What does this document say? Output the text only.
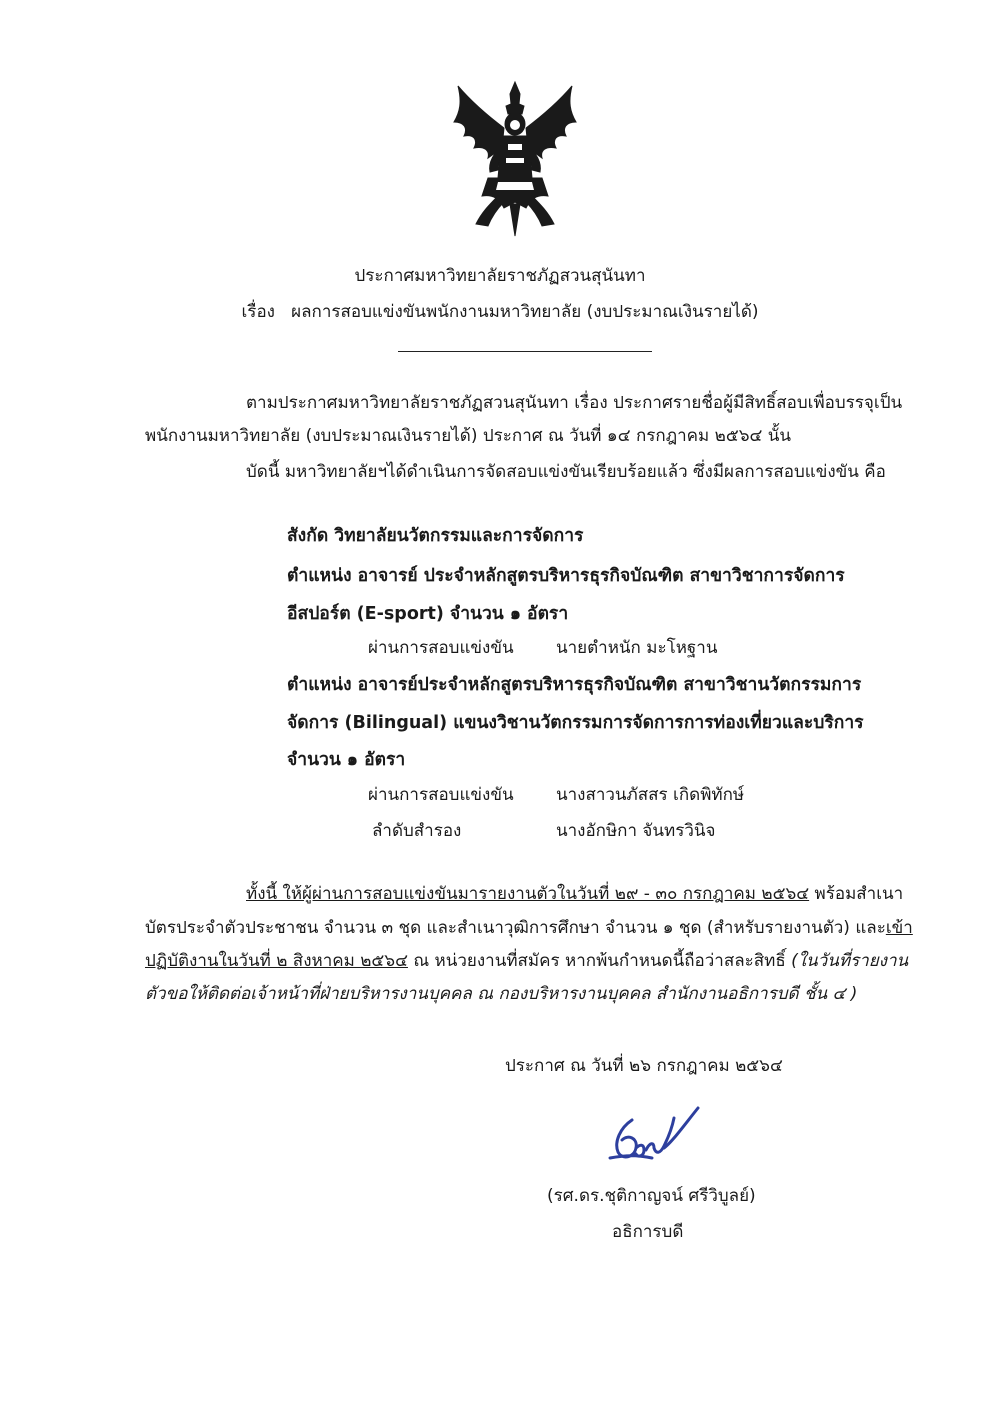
ประกาศมหาวิทยาลัยราชภัฏสวนสุนันทา
เรื่อง ผลการสอบแข่งขันพนักงานมหาวิทยาลัย (งบประมาณเงินรายได้)
ตามประกาศมหาวิทยาลัยราชภัฏสวนสุนันทา เรื่อง ประกาศรายชื่อผู้มีสิทธิ์สอบเพื่อบรรจุเป็น
พนักงานมหาวิทยาลัย (งบประมาณเงินรายได้) ประกาศ ณ วันที่ ๑๔ กรกฎาคม ๒๕๖๔ นั้น
บัดนี้ มหาวิทยาลัยฯได้ดำเนินการจัดสอบแข่งขันเรียบร้อยแล้ว ซึ่งมีผลการสอบแข่งขัน คือ
สังกัด วิทยาลัยนวัตกรรมและการจัดการ
ตำแหน่ง อาจารย์ ประจำหลักสูตรบริหารธุรกิจบัณฑิต สาขาวิชาการจัดการ
อีสปอร์ต (E-sport) จำนวน ๑ อัตรา
ผ่านการสอบแข่งขัน นายตำหนัก มะโหฐาน
ตำแหน่ง อาจารย์ประจำหลักสูตรบริหารธุรกิจบัณฑิต สาขาวิชานวัตกรรมการ
จัดการ (Bilingual) แขนงวิชานวัตกรรมการจัดการการท่องเที่ยวและบริการ
จำนวน ๑ อัตรา
ผ่านการสอบแข่งขัน นางสาวนภัสสร เกิดพิทักษ์
ลำดับสำรอง	นางอักษิกา จันทรวินิจ
ทั้งนี้ ให้ผู้ผ่านการสอบแข่งขันมารายงานตัวในวันที่ ๒๙ - ๓๐ กรกฎาคม ๒๕๖๔ พร้อมสำเนา
บัตรประจำตัวประชาชน จำนวน ๓ ชุด และสำเนาวุฒิการศึกษา จำนวน ๑ ชุด (สำหรับรายงานตัว) และเข้า
ปฏิบัติงานในวันที่ ๒ สิงหาคม ๒๕๖๔ ณ หน่วยงานที่สมัคร หากพ้นกำหนดนี้ถือว่าสละสิทธิ์ (ในวันที่รายงาน
ตัวขอให้ติดต่อเจ้าหน้าที่ฝ่ายบริหารงานบุคคล ณ กองบริหารงานบุคคล สำนักงานอธิการบดี ชั้น ๔ )
ประกาศ ณ วันที่ ๒๖ กรกฎาคม ๒๕๖๔
(รศ.ดร.ชุติกาญจน์ ศรีวิบูลย์)
อธิการบดี
